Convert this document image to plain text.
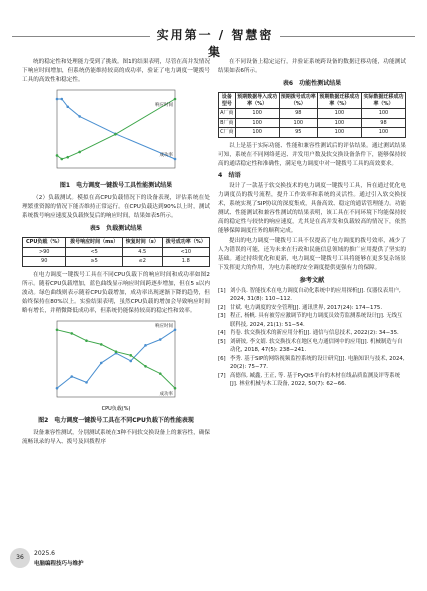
实用第一 / 智慧密集

统的稳定性和处理能力受到了挑战。图1的结果表明，尽管在高并发情况下响应时间增加，但系统仍能维持较高的成功率，验证了电力调度一键拨号工具的高效性和稳定性。

成功率
响应时间
图1　电力调度一键拨号工具性能测试结果

（2）负载测试。模拟在高CPU负载情况下的设备表现，评估系统在处理繁重资源的情况下能否维持正常运行。在CPU负载达到90%以上时，测试系统拨号响应速度及负载恢复后的响应时间，结果如表5所示。

表5　负载测试结果
CPU负载（%）	拨号响应时间（ms）	恢复时间（s）	拨号成功率（%）
>90	<5	4.5	<10
90	≥5	≤2	1.8

在电力调度一键拨号工具在不同CPU负载下的响应时间和成功率如图2所示。随着CPU负载增加，蓝色曲线显示响应时间跨逐步增加，但在5 s以内波动。绿色曲线则表示随着CPU负载增加，成功率出现逐渐下降的趋势，但始终保持在80%以上。实验结果表明，虽然CPU负载的增加会导致响应时间略有增长，并稍微降低成功率，但系统仍能保持较高的稳定性和效率。

CPU负载(%)
响应时间
成功率
图2　电力调度一键拨号工具在不同CPU负载下的性能表现

设备兼容性测试，分别测试系统在3种不同软交换设备上的兼容性，确保流畅讯录的导入、拨号及回拨程序

在不同设备上稳定运行，并验证系统跨设备的数据迁移功能，功能测试结果如表6所示。

表6　功能性测试结果
设备型号	预期数据导入成功率（%）	预期拨号成功率（%）	预期数据迁移成功率（%）	实际数据迁移成功率（%）
A厂商	100	98	100	100
B厂商	100	100	100	98
C厂商	100	95	100	100

以上是基于实际功能、性能和兼容性测试后的评估结果。通过测试结果可知，系统在不同网络延迟、并发用户数及软交换设备条件下，能够保持较高的通话稳定性和准确性，满足电力调度中对一键拨号工具的高效要求。

4　结语

设计了一款基于软交换技术的电力调度一键拨号工具，旨在通过优化电力调度员的拨号流程，提升工作效率和系统的灵活性。通过引入软交换技术，系统实现了SIP协议的深度集成，具备高效、稳定的通话管理能力。功能测试、性能测试和兼容性测试的结果表明，该工具在不同环境下均能保持较高的稳定性与较快的响应速度，尤其是在高并发和负载较高的情况下，依然能够保障调度任务的顺利完成。

提出的电力调度一键拨号工具不仅提高了电力调度的拨号效率，减少了人为错误的可能，还为未来在行政和民施信息领域的推广应用提供了坚实的基础。通过持续优化和更新，电力调度一键拨号工具将能够在更多复杂场景下发挥更大的作用，为电力系统的安全调度提供更强有力的保障。

参考文献
[1] 刘小良. 智能技术在电力调度自动化系统中的应用探析[J]. 仪器仪表用户, 2024, 31(8): 110−112.
[2] 甘斌. 电力调度的安全管理[J]. 通讯世界, 2017(24): 174−175.
[3] 程正, 杨帆. 具有被劳应激调节的电力调度员效劳监测系统设计[J]. 无线互联科技, 2024, 21(1): 51−54.
[4] 肖卷. 软交换技术的新应用分析[J]. 通信与信息技术, 2022(2): 34−35.
[5] 刘研铵, 李文婧. 软交换技术在地区电力通信网中的应用[J]. 机械制造与自动化, 2018, 47(5): 238−241.
[6] 李秀. 基于SIP的网络视频监控系统的设计研究[J]. 电脑知识与技术, 2024, 20(2): 75−77.
[7] 高德伟, 臧鑫, 王正, 等. 基于PyQt5平台的木材在线品质监测及评等系统[J]. 林业机械与木工设备, 2022, 50(7): 62−66.
36
2025.6
电脑编程技巧与维护
